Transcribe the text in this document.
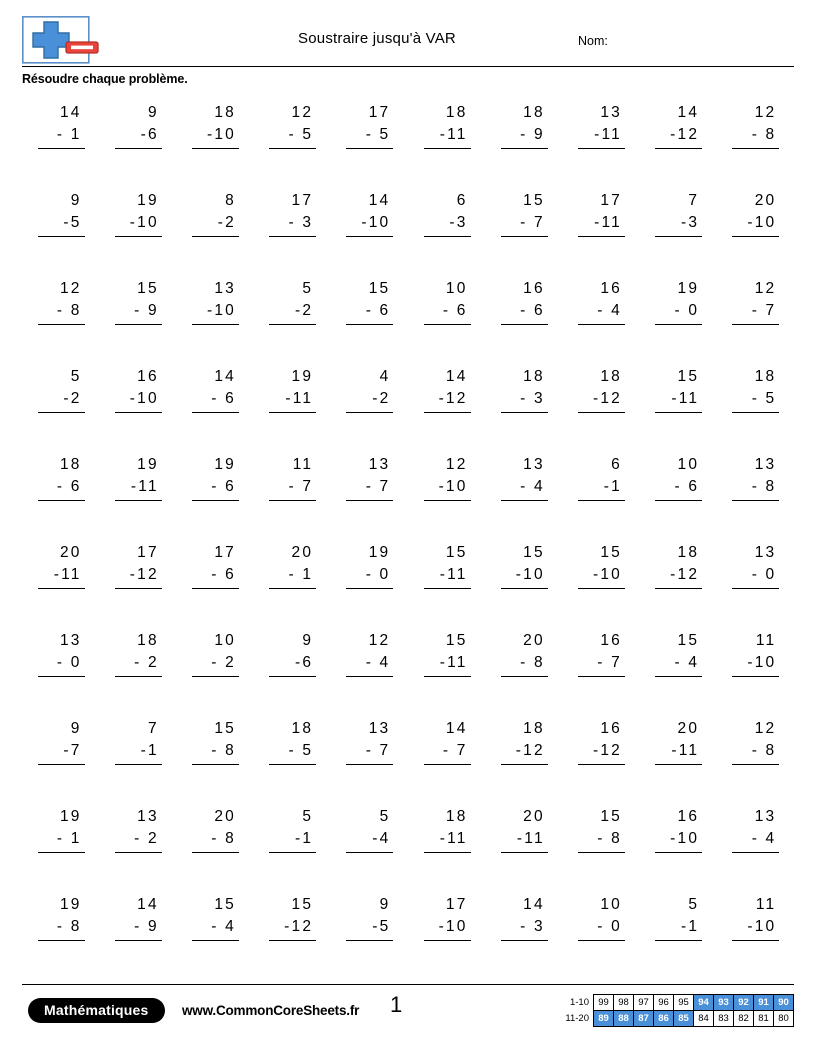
Soustraire jusqu'à VAR	Nom:
Résoudre chaque problème.
14
- 1
9
-6
18
-10
12
- 5
17
- 5
18
-11
18
- 9
13
-11
14
-12
12
- 8
9
-5
19
-10
8
-2
17
- 3
14
-10
6
-3
15
- 7
17
-11
7
-3
20
-10
12
- 8
15
- 9
13
-10
5
-2
15
- 6
10
- 6
16
- 6
16
- 4
19
- 0
12
- 7
5
-2
16
-10
14
- 6
19
-11
4
-2
14
-12
18
- 3
18
-12
15
-11
18
- 5
18
- 6
19
-11
19
- 6
11
- 7
13
- 7
12
-10
13
- 4
6
-1
10
- 6
13
- 8
20
-11
17
-12
17
- 6
20
- 1
19
- 0
15
-11
15
-10
15
-10
18
-12
13
- 0
13
- 0
18
- 2
10
- 2
9
-6
12
- 4
15
-11
20
- 8
16
- 7
15
- 4
11
-10
9
-7
7
-1
15
- 8
18
- 5
13
- 7
14
- 7
18
-12
16
-12
20
-11
12
- 8
19
- 1
13
- 2
20
- 8
5
-1
5
-4
18
-11
20
-11
15
- 8
16
-10
13
- 4
19
- 8
14
- 9
15
- 4
15
-12
9
-5
17
-10
14
- 3
10
- 0
5
-1
11
-10
Mathématiques	www.CommonCoreSheets.fr 1	1-10	99	98	97	96	95	94	93	92	91	90
11-20	89	88	87	86	85	84	83	82	81	80
